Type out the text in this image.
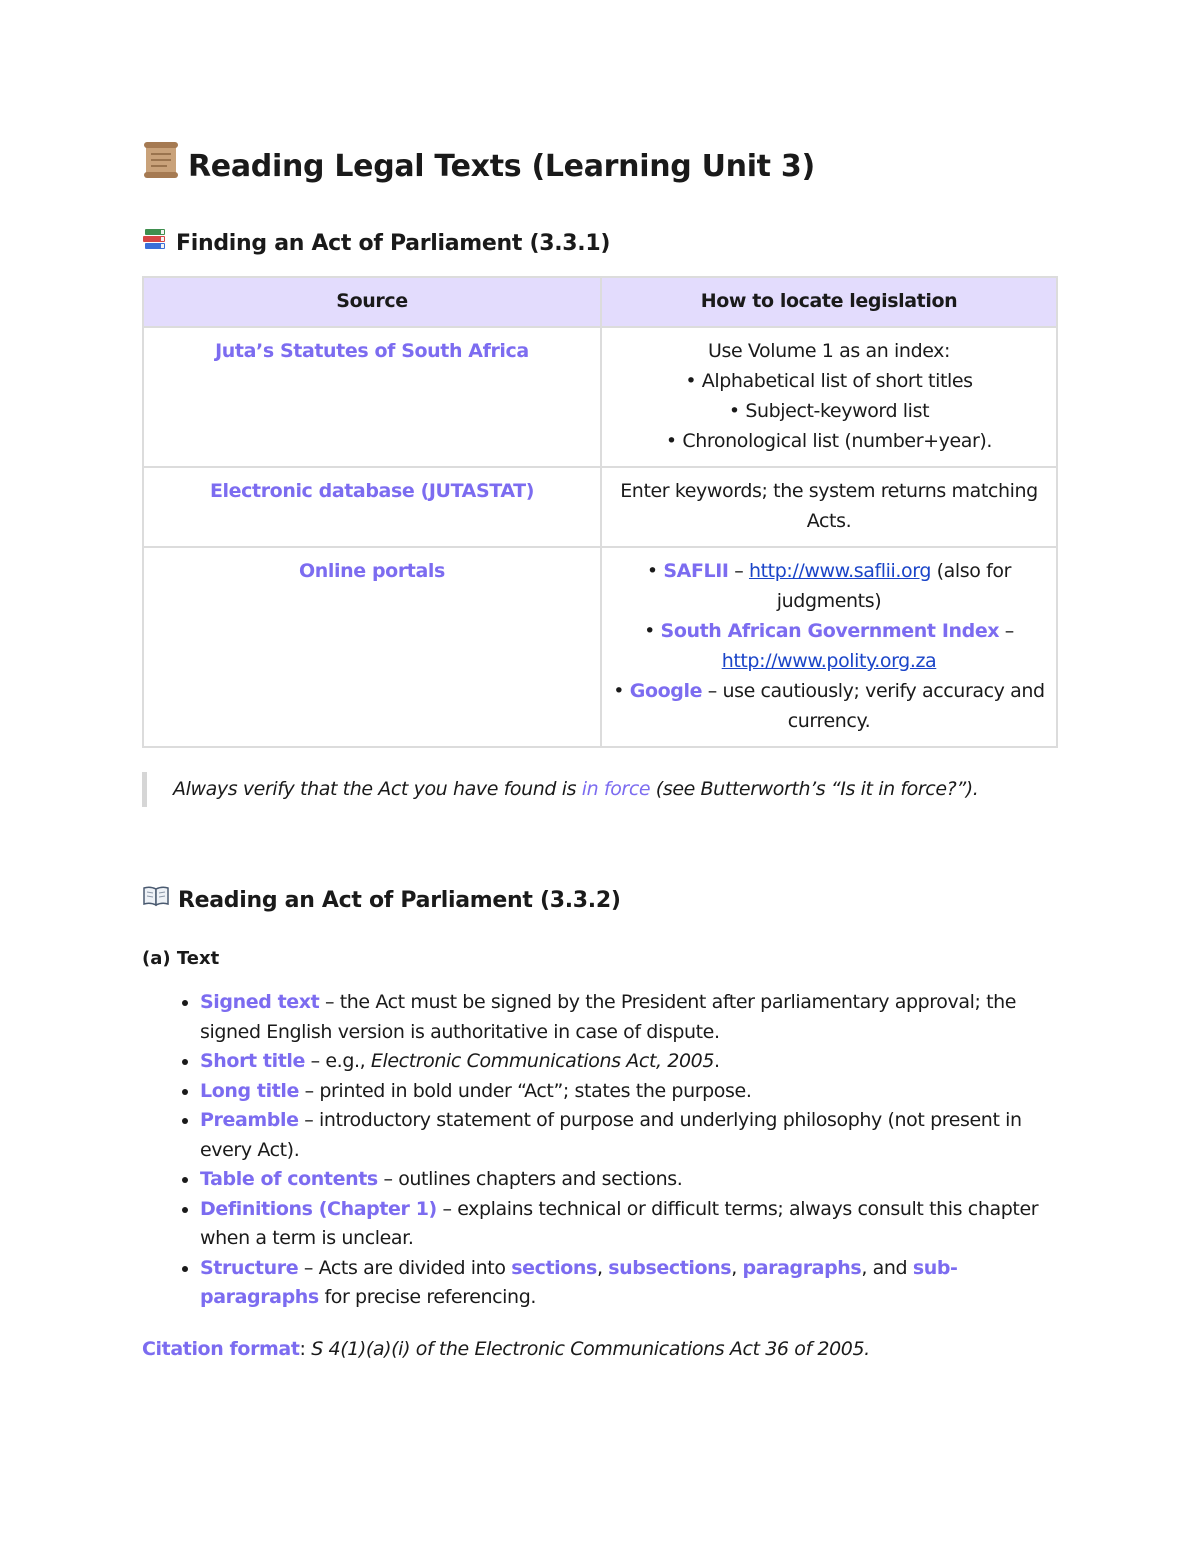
Reading Legal Texts (Learning Unit 3)
Finding an Act of Parliament (3.3.1)
Source	How to locate legislation
Juta’s Statutes of South Africa	Use Volume 1 as an index:
• Alphabetical list of short titles
• Subject-keyword list
• Chronological list (number+year).

Electronic database (JUTASTAT)	Enter keywords; the system returns matching Acts.
Online portals	• SAFLII – http://www.saflii.org (also for judgments)
• South African Government Index – http://www.polity.org.za
• Google – use cautiously; verify accuracy and currency.
Always verify that the Act you have found is in force (see Butterworth’s “Is it in force?”).
Reading an Act of Parliament (3.3.2)
(a) Text
• Signed text – the Act must be signed by the President after parliamentary approval; the signed English version is authoritative in case of dispute.
• Short title – e.g., Electronic Communications Act, 2005.
• Long title – printed in bold under “Act”; states the purpose.
• Preamble – introductory statement of purpose and underlying philosophy (not present in every Act).
• Table of contents – outlines chapters and sections.
• Definitions (Chapter 1) – explains technical or difficult terms; always consult this chapter when a term is unclear.
• Structure – Acts are divided into sections, subsections, paragraphs, and sub-paragraphs for precise referencing.
Citation format: S 4(1)(a)(i) of the Electronic Communications Act 36 of 2005.
